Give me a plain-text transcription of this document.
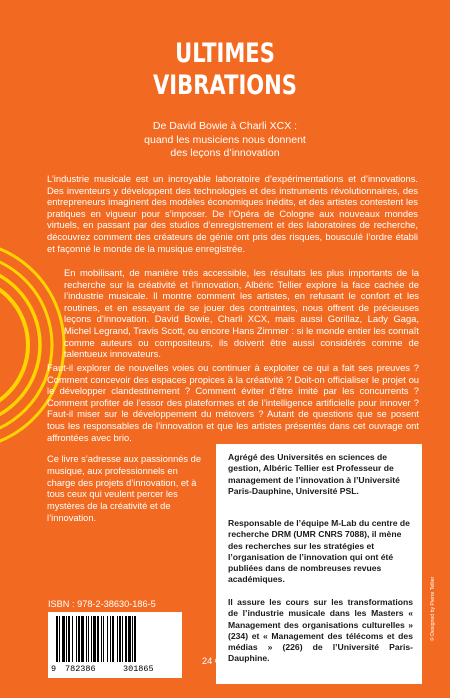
ULTIMES
VIBRATIONS
De David Bowie à Charli XCX :
quand les musiciens nous donnent
des leçons d’innovation

L’industrie musicale est un incroyable laboratoire d’expérimentations et d’innovations. Des inventeurs y développent des technologies et des instruments révolutionnaires, des entrepreneurs imaginent des modèles économiques inédits, et des artistes contestent les pratiques en vigueur pour s’imposer. De l’Opéra de Cologne aux nouveaux mondes virtuels, en passant par des studios d’enregistrement et des laboratoires de recherche, découvrez comment des créateurs de génie ont pris des risques, bousculé l’ordre établi et façonné le monde de la musique enregistrée.

En mobilisant, de manière très accessible, les résultats les plus importants de la recherche sur la créativité et l’innovation, Albéric Tellier explore la face cachée de l’industrie musicale. Il montre comment les artistes, en refusant le confort et les routines, et en essayant de se jouer des contraintes, nous offrent de précieuses leçons d’innovation. David Bowie, Charli XCX, mais aussi Gorillaz, Lady Gaga, Michel Legrand, Travis Scott, ou encore Hans Zimmer : si le monde entier les connaît comme auteurs ou compositeurs, ils doivent être aussi considérés comme de talentueux innovateurs.

Faut-il explorer de nouvelles voies ou continuer à exploiter ce qui a fait ses preuves ? Comment concevoir des espaces propices à la créativité ? Doit-on officialiser le projet ou le développer clandestinement ? Comment éviter d’être imité par les concurrents ? Comment profiter de l’essor des plateformes et de l’intelligence artificielle pour innover ? Faut-il miser sur le développement du métovers ? Autant de questions que se posent tous les responsables de l’innovation et que les artistes présentés dans cet ouvrage ont affrontées avec brio.

Ce livre s’adresse aux passionnés de musique, aux professionnels en charge des projets d’innovation, et à tous ceux qui veulent percer les mystères de la créativité et de l’innovation.

Agrégé des Universités en sciences de gestion, Albéric Tellier est Professeur de management de l’innovation à l’Université Paris-Dauphine, Université PSL.

Responsable de l’équipe M-Lab du centre de recherche DRM (UMR CNRS 7088), il mène des recherches sur les stratégies et l’organisation de l’innovation qui ont été publiées dans de nombreuses revues académiques.

Il assure les cours sur les transformations de l’industrie musicale dans les Masters « Management des organisations culturelles » (234) et « Management des télécoms et des médias » (226) de l’Université Paris-Dauphine.

ISBN : 978-2-38630-186-5
9 782386	301865
24 €
© Designed by Pierre Tellier
